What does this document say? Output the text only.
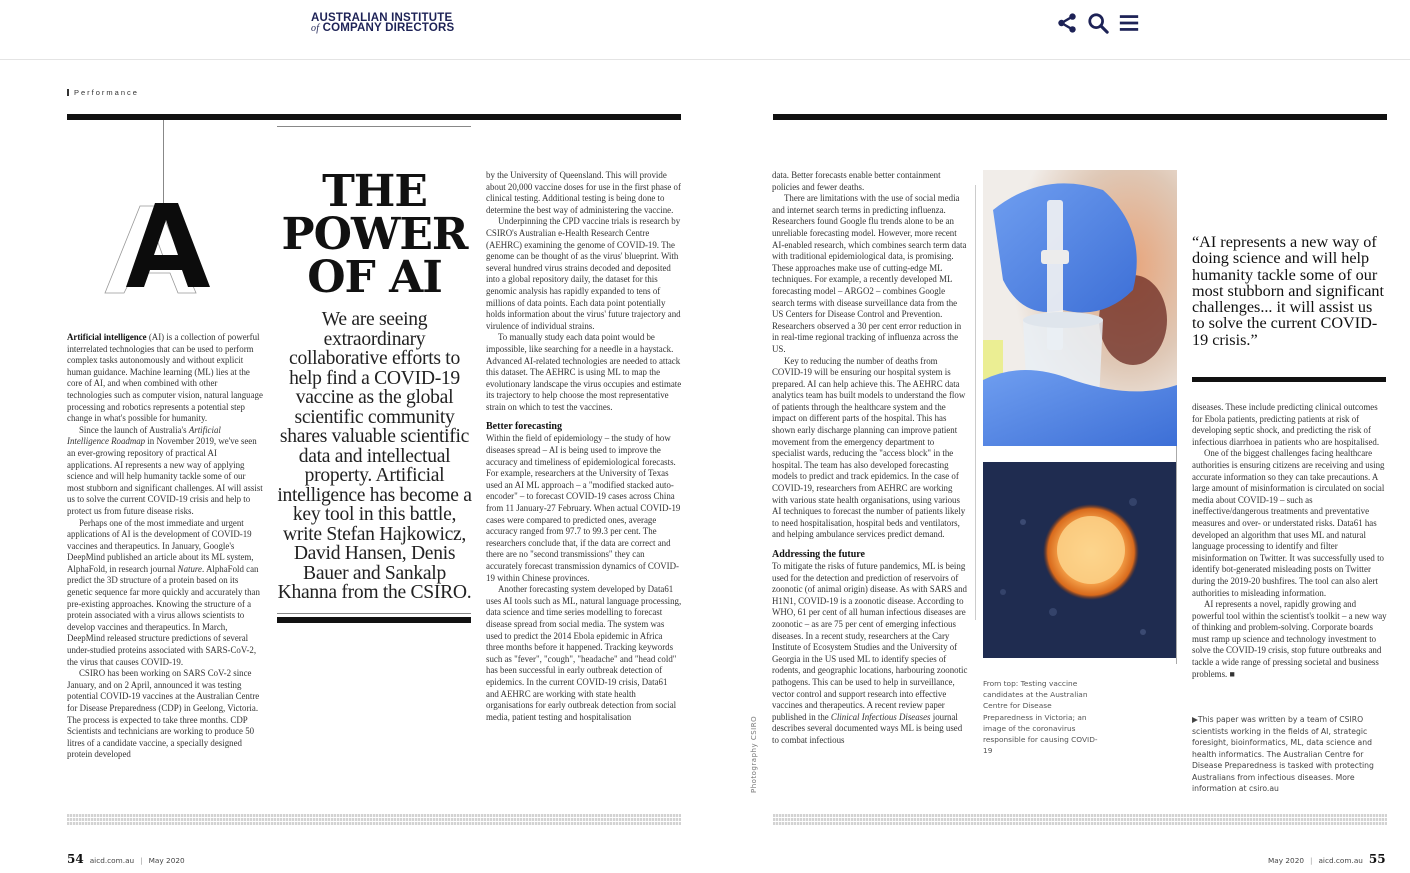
AUSTRALIAN INSTITUTE
of COMPANY DIRECTORS
Performance
THE
POWER
OF AI
We are seeing extraordinary collaborative efforts to help find a COVID-19 vaccine as the global scientific community shares valuable scientific data and intellectual property. Artificial intelligence has become a key tool in this battle, write Stefan Hajkowicz, David Hansen, Denis Bauer and Sankalp Khanna from the CSIRO.

Artificial intelligence (AI) is a collection of powerful interrelated technologies that can be used to perform complex tasks autonomously and without explicit human guidance. Machine learning (ML) lies at the core of AI, and when combined with other technologies such as computer vision, natural language processing and robotics represents a potential step change in what's possible for humanity.

Since the launch of Australia's Artificial Intelligence Roadmap in November 2019, we've seen an ever-growing repository of practical AI applications. AI represents a new way of applying science and will help humanity tackle some of our most stubborn and significant challenges. AI will assist us to solve the current COVID-19 crisis and help to protect us from future disease risks.

Perhaps one of the most immediate and urgent applications of AI is the development of COVID-19 vaccines and therapeutics. In January, Google's DeepMind published an article about its ML system, AlphaFold, in research journal Nature. AlphaFold can predict the 3D structure of a protein based on its genetic sequence far more quickly and accurately than pre-existing approaches. Knowing the structure of a protein associated with a virus allows scientists to develop vaccines and therapeutics. In March, DeepMind released structure predictions of several under-studied proteins associated with SARS-CoV-2, the virus that causes COVID-19.

CSIRO has been working on SARS CoV-2 since January, and on 2 April, announced it was testing potential COVID-19 vaccines at the Australian Centre for Disease Preparedness (CDP) in Geelong, Victoria. The process is expected to take three months. CDP Scientists and technicians are working to produce 50 litres of a candidate vaccine, a specially designed protein developed

by the University of Queensland. This will provide about 20,000 vaccine doses for use in the first phase of clinical testing. Additional testing is being done to determine the best way of administering the vaccine.

Underpinning the CPD vaccine trials is research by CSIRO's Australian e-Health Research Centre (AEHRC) examining the genome of COVID-19. The genome can be thought of as the virus' blueprint. With several hundred virus strains decoded and deposited into a global repository daily, the dataset for this genomic analysis has rapidly expanded to tens of millions of data points. Each data point potentially holds information about the virus' future trajectory and virulence of individual strains.

To manually study each data point would be impossible, like searching for a needle in a haystack. Advanced AI-related technologies are needed to attack this dataset. The AEHRC is using ML to map the evolutionary landscape the virus occupies and estimate its trajectory to help choose the most representative strain on which to test the vaccines.

Better forecasting

Within the field of epidemiology – the study of how diseases spread – AI is being used to improve the accuracy and timeliness of epidemiological forecasts. For example, researchers at the University of Texas used an AI ML approach – a "modified stacked auto-encoder" – to forecast COVID-19 cases across China from 11 January-27 February. When actual COVID-19 cases were compared to predicted ones, average accuracy ranged from 97.7 to 99.3 per cent. The researchers conclude that, if the data are correct and there are no "second transmissions" they can accurately forecast transmission dynamics of COVID-19 within Chinese provinces.

Another forecasting system developed by Data61 uses AI tools such as ML, natural language processing, data science and time series modelling to forecast disease spread from social media. The system was used to predict the 2014 Ebola epidemic in Africa three months before it happened. Tracking keywords such as "fever", "cough", "headache" and "head cold" has been successful in early outbreak detection of epidemics. In the current COVID-19 crisis, Data61 and AEHRC are working with state health organisations for early outbreak detection from social media, patient testing and hospitalisation

54 aicd.com.au | May 2020

data. Better forecasts enable better containment policies and fewer deaths.

There are limitations with the use of social media and internet search terms in predicting influenza. Researchers found Google flu trends alone to be an unreliable forecasting model. However, more recent AI-enabled research, which combines search term data with traditional epidemiological data, is promising. These approaches make use of cutting-edge ML techniques. For example, a recently developed ML forecasting model – ARGO2 – combines Google search terms with disease surveillance data from the US Centers for Disease Control and Prevention. Researchers observed a 30 per cent error reduction in in real-time regional tracking of influenza across the US.

Key to reducing the number of deaths from COVID-19 will be ensuring our hospital system is prepared. AI can help achieve this. The AEHRC data analytics team has built models to understand the flow of patients through the healthcare system and the impact on different parts of the hospital. This has shown early discharge planning can improve patient movement from the emergency department to specialist wards, reducing the "access block" in the hospital. The team has also developed forecasting models to predict and track epidemics. In the case of COVID-19, researchers from AEHRC are working with various state health organisations, using various AI techniques to forecast the number of patients likely to need hospitalisation, hospital beds and ventilators, and helping ambulance services predict demand.

Addressing the future

To mitigate the risks of future pandemics, ML is being used for the detection and prediction of reservoirs of zoonotic (of animal origin) disease. As with SARS and H1N1, COVID-19 is a zoonotic disease. According to WHO, 61 per cent of all human infectious diseases are zoonotic – as are 75 per cent of emerging infectious diseases. In a recent study, researchers at the Cary Institute of Ecosystem Studies and the University of Georgia in the US used ML to identify species of rodents, and geographic locations, harbouring zoonotic pathogens. This can be used to help in surveillance, vector control and support research into effective vaccines and therapeutics. A recent review paper published in the Clinical Infectious Diseases journal describes several documented ways ML is being used to combat infectious

Photography CSIRO
From top: Testing vaccine candidates at the Australian Centre for Disease Preparedness in Victoria; an image of the coronavirus responsible for causing COVID-19
“AI represents a new way of doing science and will help humanity tackle some of our most stubborn and significant challenges... it will assist us to solve the current COVID-19 crisis.”

diseases. These include predicting clinical outcomes for Ebola patients, predicting patients at risk of developing septic shock, and predicting the risk of infectious diarrhoea in patients who are hospitalised.

One of the biggest challenges facing healthcare authorities is ensuring citizens are receiving and using accurate information so they can take precautions. A large amount of misinformation is circulated on social media about COVID-19 – such as ineffective/dangerous treatments and preventative measures and over- or understated risks. Data61 has developed an algorithm that uses ML and natural language processing to identify and filter misinformation on Twitter. It was successfully used to identify bot-generated misleading posts on Twitter during the 2019-20 bushfires. The tool can also alert authorities to misleading information.

AI represents a novel, rapidly growing and powerful tool within the scientist's toolkit – a new way of thinking and problem-solving. Corporate boards must ramp up science and technology investment to solve the COVID-19 crisis, stop future outbreaks and tackle a wide range of pressing societal and business problems. ■

▶This paper was written by a team of CSIRO scientists working in the fields of AI, strategic foresight, bioinformatics, ML, data science and health informatics. The Australian Centre for Disease Preparedness is tasked with protecting Australians from infectious diseases. More information at csiro.au
May 2020 | aicd.com.au 55
